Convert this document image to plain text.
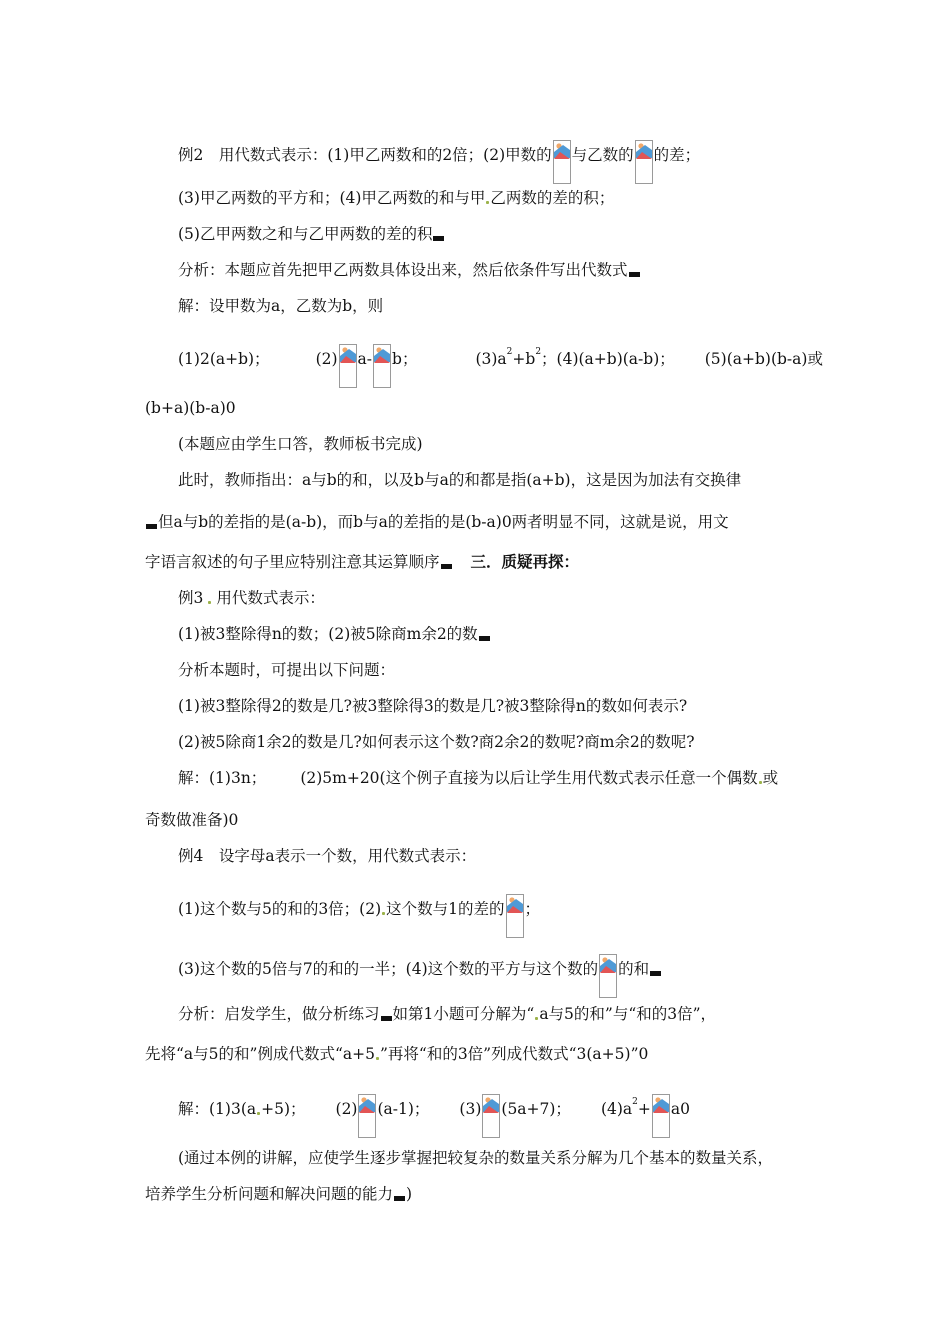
例2　用代数式表示：(1)甲乙两数和的2倍；(2)甲数的 与乙数的 的差；
(3)甲乙两数的平方和；(4)甲乙两数的和与甲 乙两数的差的积；
(5)乙甲两数之和与乙甲两数的差的积
分析：本题应首先把甲乙两数具体设出来，然后依条件写出代数式
解：设甲数为a，乙数为b，则
(1)2(a+b)；	(2) a- b；	$(3)a^2+b^2$；(4)(a+b)(a-b)； (5)(a+b)(b-a)或
(b+a)(b-a)0
(本题应由学生口答，教师板书完成)
此时，教师指出：a与b的和，以及b与a的和都是指(a+b)，这是因为加法有交换律
但a与b的差指的是(a-b)，而b与a的差指的是(b-a)0两者明显不同，这就是说，用文
字语言叙述的句子里应特别注意其运算顺序 三．质疑再探：
例3 用代数式表示：
(1)被3整除得n的数；(2)被5除商m余2的数
分析本题时，可提出以下问题：
(1)被3整除得2的数是几?被3整除得3的数是几?被3整除得n的数如何表示?
(2)被5除商1余2的数是几?如何表示这个数?商2余2的数呢?商m余2的数呢?
解：(1)3n； (2)5m+20(这个例子直接为以后让学生用代数式表示任意一个偶数 或
奇数做准备)0
例4　设字母a表示一个数，用代数式表示：
(1)这个数与5的和的3倍；(2) 这个数与1的差的 ；
(3)这个数的5倍与7的和的一半；(4)这个数的平方与这个数的 的和
分析：启发学生，做分析练习 如第1小题可分解为“ a与5的和”与“和的3倍”，
先将“a与5的和”例成代数式“a+5 ”再将“和的3倍”列成代数式“3(a+5)”0
解：(1)3(a +5)； (2) (a-1)； (3) (5a+7)； $(4)a^2+ a0$
(通过本例的讲解，应使学生逐步掌握把较复杂的数量关系分解为几个基本的数量关系，
培养学生分析问题和解决问题的能力 )
